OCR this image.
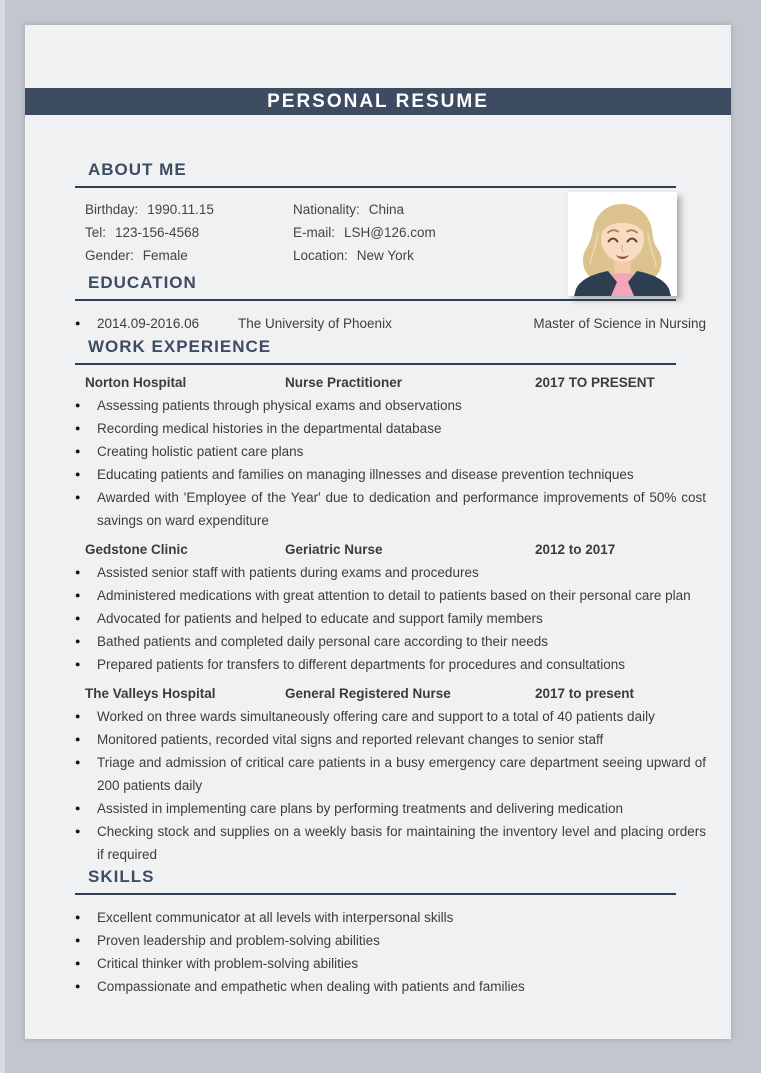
PERSONAL RESUME
ABOUT ME
Birthday: 1990.11.15	Nationality: China
Tel: 123-156-4568	E-mail: LSH@126.com
Gender: Female	Location: New York
EDUCATION
● 2014.09-2016.06	The University of Phoenix	Master of Science in Nursing
WORK EXPERIENCE
Norton Hospital	Nurse Practitioner	2017 TO PRESENT
● Assessing patients through physical exams and observations
● Recording medical histories in the departmental database
● Creating holistic patient care plans
● Educating patients and families on managing illnesses and disease prevention techniques
● Awarded with 'Employee of the Year' due to dedication and performance improvements of 50% cost savings on ward expenditure
Gedstone Clinic	Geriatric Nurse	2012 to 2017
● Assisted senior staff with patients during exams and procedures
● Administered medications with great attention to detail to patients based on their personal care plan
● Advocated for patients and helped to educate and support family members
● Bathed patients and completed daily personal care according to their needs
● Prepared patients for transfers to different departments for procedures and consultations
The Valleys Hospital	General Registered Nurse	2017 to present
● Worked on three wards simultaneously offering care and support to a total of 40 patients daily
● Monitored patients, recorded vital signs and reported relevant changes to senior staff
● Triage and admission of critical care patients in a busy emergency care department seeing upward of 200 patients daily
● Assisted in implementing care plans by performing treatments and delivering medication
● Checking stock and supplies on a weekly basis for maintaining the inventory level and placing orders if required
SKILLS
● Excellent communicator at all levels with interpersonal skills
● Proven leadership and problem-solving abilities
● Critical thinker with problem-solving abilities
● Compassionate and empathetic when dealing with patients and families
